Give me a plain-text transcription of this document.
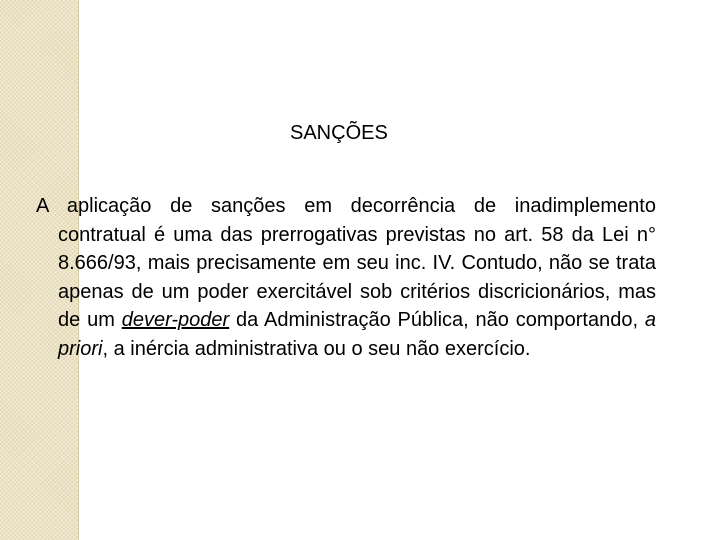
SANÇÕES

A aplicação de sanções em decorrência de inadimplemento contratual é uma das prerrogativas previstas no art. 58 da Lei n° 8.666/93, mais precisamente em seu inc. IV. Contudo, não se trata apenas de um poder exercitável sob critérios discricionários, mas de um dever-poder da Administração Pública, não comportando, a priori, a inércia administrativa ou o seu não exercício.
